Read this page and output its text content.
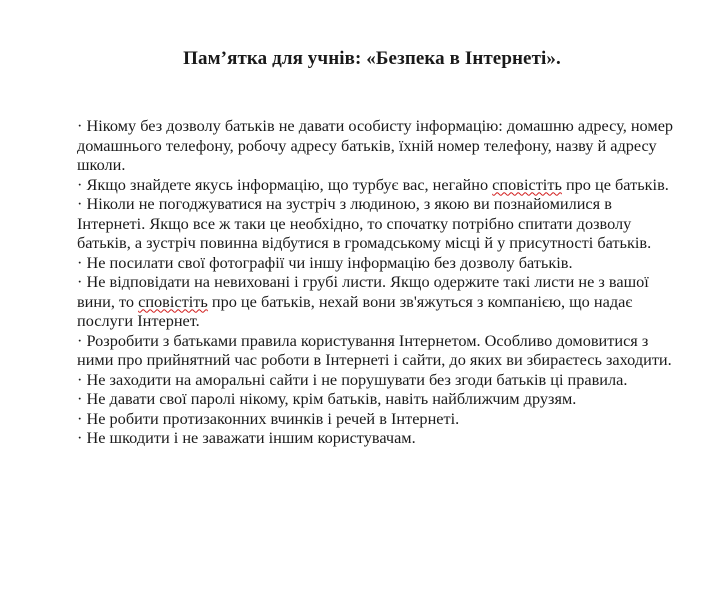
Пам’ятка для учнів: «Безпека в Інтернеті».

· Нікому без дозволу батьків не давати особисту інформацію: домашню адресу, номер домашнього телефону, робочу адресу батьків, їхній номер телефону, назву й адресу школи.

· Якщо знайдете якусь інформацію, що турбує вас, негайно сповістіть про це батьків.

· Ніколи не погоджуватися на зустріч з людиною, з якою ви познайомилися в Інтернеті. Якщо все ж таки це необхідно, то спочатку потрібно спитати дозволу батьків, а зустріч повинна відбутися в громадському місці й у присутності батьків.

· Не посилати свої фотографії чи іншу інформацію без дозволу батьків.

· Не відповідати на невиховані і грубі листи. Якщо одержите такі листи не з вашої вини, то сповістіть про це батьків, нехай вони зв'яжуться з компанією, що надає послуги Інтернет.

· Розробити з батьками правила користування Інтернетом. Особливо домовитися з ними про прийнятний час роботи в Інтернеті і сайти, до яких ви збираєтесь заходити.

· Не заходити на аморальні сайти і не порушувати без згоди батьків ці правила.

· Не давати свої паролі нікому, крім батьків, навіть найближчим друзям.

· Не робити протизаконних вчинків і речей в Інтернеті.

· Не шкодити і не заважати іншим користувачам.
